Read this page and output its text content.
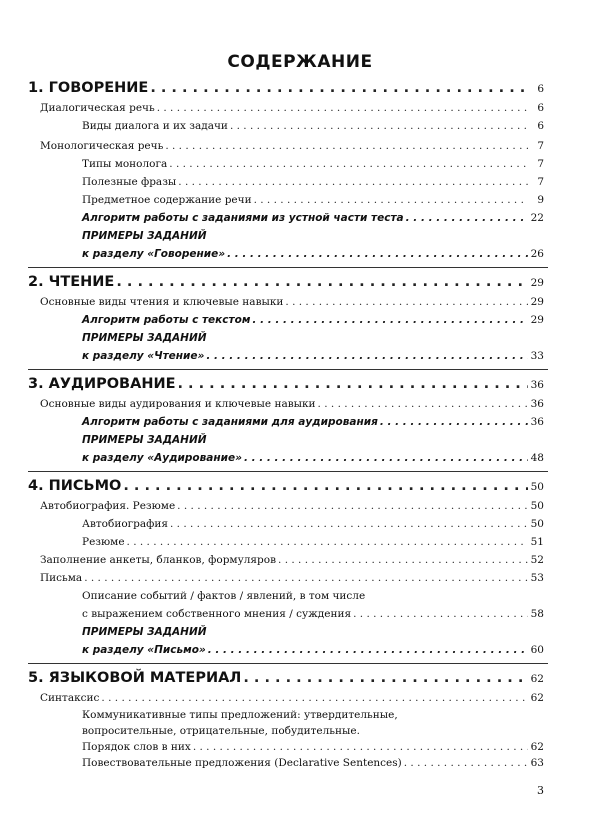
СОДЕРЖАНИЕ
1. ГОВОРЕНИЕ . . .	6
Диалогическая речь . . .	6
Виды диалога и их задачи . . .	6
Монологическая речь . . .	7
Типы монолога . . .	7
Полезные фразы . . .	7
Предметное содержание речи . . .	9
Алгоритм работы с заданиями из устной части теста . . .	22
ПРИМЕРЫ ЗАДАНИЙ
к разделу «Говорение» . . .	26
2. ЧТЕНИЕ . . .	29
Основные виды чтения и ключевые навыки . . .	29
Алгоритм работы с текстом . . .	29
ПРИМЕРЫ ЗАДАНИЙ
к разделу «Чтение» . . .	33
3. АУДИРОВАНИЕ . . .	36
Основные виды аудирования и ключевые навыки . . .	36
Алгоритм работы с заданиями для аудирования . . .	36
ПРИМЕРЫ ЗАДАНИЙ
к разделу «Аудирование» . . .	48
4. ПИСЬМО . . .	50
Автобиография. Резюме . . .	50
Автобиография . . .	50
Резюме . . .	51
Заполнение анкеты, бланков, формуляров . . .	52
Письма . . .	53
Описание событий / фактов / явлений, в том числе
с выражением собственного мнения / суждения . . .	58
ПРИМЕРЫ ЗАДАНИЙ
к разделу «Письмо» . . .	60
5. ЯЗЫКОВОЙ МАТЕРИАЛ . . .	62
Синтаксис . . .	62
Коммуникативные типы предложений: утвердительные,
вопросительные, отрицательные, побудительные.
Порядок слов в них . . .	62
Повествовательные предложения (Declarative Sentences) . . .	63
3
